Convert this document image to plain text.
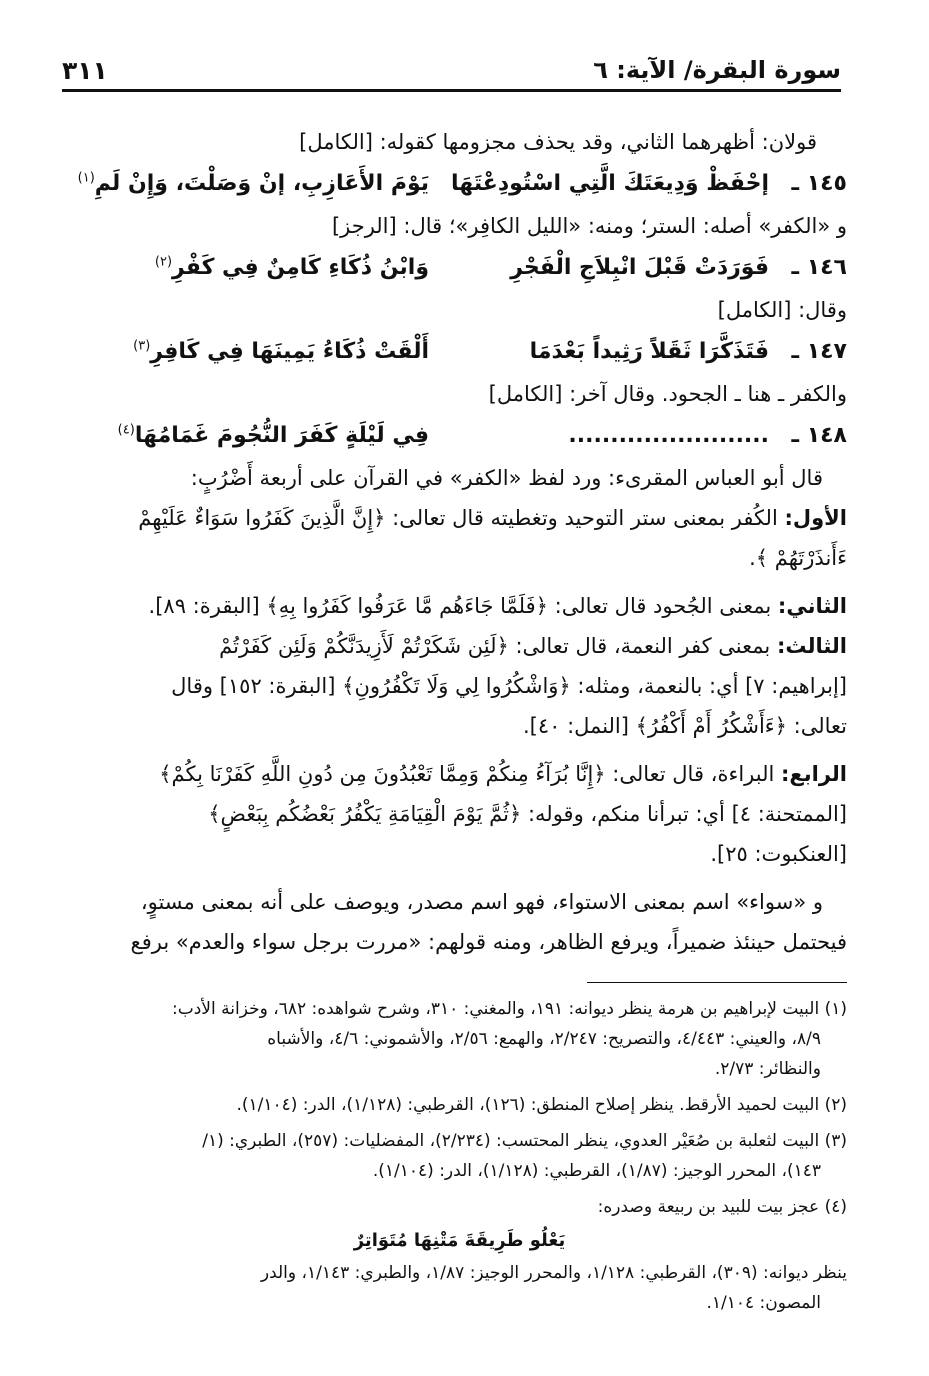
سورة البقرة/ الآية: ٦
٣١١
قولان: أظهرهما الثاني، وقد يحذف مجزومها كقوله: [الكامل]
١٤٥ ـ
إحْفَظْ وَدِيعَتَكَ الَّتِي اسْتُودِعْتَهَا
يَوْمَ الأَعَازِبِ، إنْ وَصَلْتَ، وَإِنْ لَمِ$^{(١)}$
و «الكفر» أصله: الستر؛ ومنه: «الليل الكافِر»؛ قال: [الرجز]
١٤٦ ـ
فَوَرَدَتْ قَبْلَ انْبِلاَجِ الْفَجْرِ
وَابْنُ ذُكَاءِ كَامِنٌ فِي كَفْرِ$^{(٢)}$
وقال: [الكامل]
١٤٧ ـ
فَتَذَكَّرَا ثَقَلاً رَثِيداً بَعْدَمَا
أَلْقَتْ ذُكَاءُ يَمِينَهَا فِي كَافِرِ$^{(٣)}$
والكفر ـ هنا ـ الجحود. وقال آخر: [الكامل]
١٤٨ ـ
........................
فِي لَيْلَةٍ كَفَرَ النُّجُومَ غَمَامُهَا$^{(٤)}$
قال أبو العباس المقرىء: ورد لفظ «الكفر» في القرآن على أربعة أَضْرُبٍ:
الأول: الكُفر بمعنى ستر التوحيد وتغطيته قال تعالى: ﴿إِنَّ الَّذِينَ كَفَرُوا سَوَاءٌ عَلَيْهِمْ
ءَأَنذَرْتَهُمْ ﴾.
الثاني: بمعنى الجُحود قال تعالى: ﴿فَلَمَّا جَاءَهُم مَّا عَرَفُوا كَفَرُوا بِهِ﴾ [البقرة: ٨٩].
الثالث: بمعنى كفر النعمة، قال تعالى: ﴿لَئِن شَكَرْتُمْ لَأَزِيدَنَّكُمْ وَلَئِن كَفَرْتُمْ
[إبراهيم: ٧] أي: بالنعمة، ومثله: ﴿وَاشْكُرُوا لِي وَلَا تَكْفُرُونِ﴾ [البقرة: ١٥٢] وقال
تعالى: ﴿ءَأَشْكُرُ أَمْ أَكْفُرُ﴾ [النمل: ٤٠].
الرابع: البراءة، قال تعالى: ﴿إِنَّا بُرَآءُ مِنكُمْ وَمِمَّا تَعْبُدُونَ مِن دُونِ اللَّهِ كَفَرْنَا بِكُمْ﴾
[الممتحنة: ٤] أي: تبرأنا منكم، وقوله: ﴿ثُمَّ يَوْمَ الْقِيَامَةِ يَكْفُرُ بَعْضُكُم بِبَعْضٍ﴾
[العنكبوت: ٢٥].
و «سواء» اسم بمعنى الاستواء، فهو اسم مصدر، ويوصف على أنه بمعنى مستوٍ،
فيحتمل حينئذ ضميراً، ويرفع الظاهر، ومنه قولهم: «مررت برجل سواء والعدم» برفع
(١) البيت لإبراهيم بن هرمة ينظر ديوانه: ١٩١، والمغني: ٣١٠، وشرح شواهده: ٦٨٢، وخزانة الأدب:
٨/٩، والعيني: ٤/٤٤٣، والتصريح: ٢/٢٤٧، والهمع: ٢/٥٦، والأشموني: ٤/٦، والأشباه
والنظائر: ٢/٧٣.
(٢) البيت لحميد الأرقط. ينظر إصلاح المنطق: (١٢٦)، القرطبي: (١/١٢٨)، الدر: (١/١٠٤).
(٣) البيت لثعلبة بن صُعَيْر العدوي، ينظر المحتسب: (٢/٢٣٤)، المفضليات: (٢٥٧)، الطبري: (١/
١٤٣)، المحرر الوجيز: (١/٨٧)، القرطبي: (١/١٢٨)، الدر: (١/١٠٤).
(٤) عجز بيت للبيد بن ربيعة وصدره:
يَعْلُو طَرِيقَةَ مَتْنِهَا مُتَوَاتِرٌ
ينظر ديوانه: (٣٠٩)، القرطبي: ١/١٢٨، والمحرر الوجيز: ١/٨٧، والطبري: ١/١٤٣، والدر
المصون: ١/١٠٤.
